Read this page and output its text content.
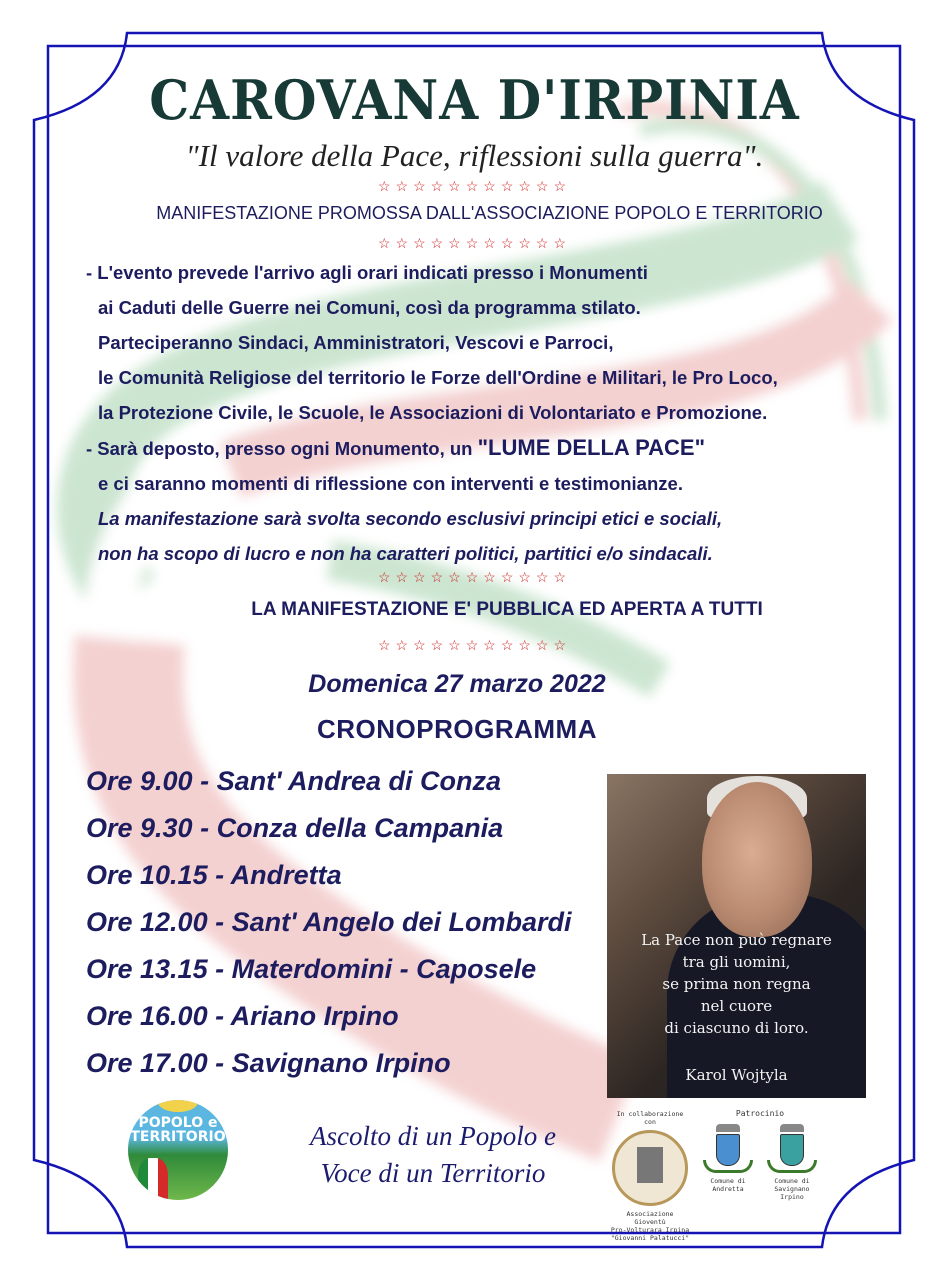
CAROVANA D'IRPINIA
"Il valore della Pace, riflessioni sulla guerra".
☆☆☆☆☆☆☆☆☆☆☆
MANIFESTAZIONE PROMOSSA DALL'ASSOCIAZIONE POPOLO E TERRITORIO
☆☆☆☆☆☆☆☆☆☆☆
- L'evento prevede l'arrivo agli orari indicati presso i Monumenti
ai Caduti delle Guerre nei Comuni, così da programma stilato.
Parteciperanno Sindaci, Amministratori, Vescovi e Parroci,
le Comunità Religiose del territorio le Forze dell'Ordine e Militari, le Pro Loco,
la Protezione Civile, le Scuole, le Associazioni di Volontariato e Promozione.
- Sarà deposto, presso ogni Monumento, un "LUME DELLA PACE"
e ci saranno momenti di riflessione con interventi e testimonianze.
La manifestazione sarà svolta secondo esclusivi principi etici e sociali,
non ha scopo di lucro e non ha caratteri politici, partitici e/o sindacali.
☆☆☆☆☆☆☆☆☆☆☆
LA MANIFESTAZIONE E' PUBBLICA ED APERTA A TUTTI
☆☆☆☆☆☆☆☆☆☆☆
Domenica 27 marzo 2022
CRONOPROGRAMMA
Ore 9.00 - Sant' Andrea di Conza
Ore 9.30 - Conza della Campania
Ore 10.15 - Andretta
Ore 12.00 - Sant' Angelo dei Lombardi
Ore 13.15 - Materdomini - Caposele
Ore 16.00 - Ariano Irpino
Ore 17.00 - Savignano Irpino
La Pace non può regnare
tra gli uomini,
se prima non regna
nel cuore
di ciascuno di loro.
Karol Wojtyla
POPOLO e
TERRITORIO	Ascolto di un Popolo e
Voce di un Territorio
In collaborazione con
Associazione Gioventù
Pro-Volturara Irpina
"Giovanni Palatucci"
Patrocinio
Comune di
Andretta
Comune di
Savignano Irpino
